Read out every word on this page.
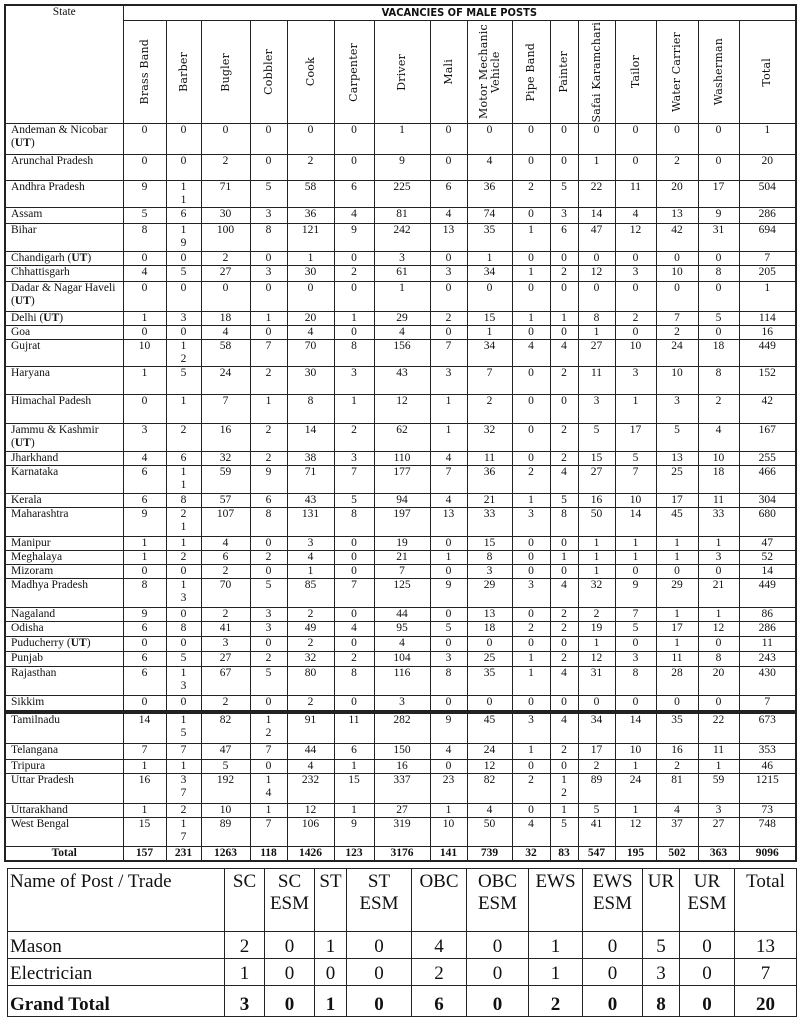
State	VACANCIES OF MALE POSTS															

	Brass Band	Barber	Bugler	Cobbler	Cook	Carpenter	Driver	Mali	Motor Mechanic Vehicle	Pipe Band	Painter	Safai Karamchari	Tailor	Water Carrier	Washerman	Total

Andeman & Nicobar (UT)	0	0	0	0	0	0	1	0	0	0	0	0	0	0	0	1
Arunchal Pradesh	0	0	2	0	2	0	9	0	4	0	0	1	0	2	0	20
Andhra Pradesh	9	11	71	5	58	6	225	6	36	2	5	22	11	20	17	504
Assam	5	6	30	3	36	4	81	4	74	0	3	14	4	13	9	286
Bihar	8	19	100	8	121	9	242	13	35	1	6	47	12	42	31	694
Chandigarh (UT)	0	0	2	0	1	0	3	0	1	0	0	0	0	0	0	7
Chhattisgarh	4	5	27	3	30	2	61	3	34	1	2	12	3	10	8	205
Dadar & Nagar Haveli (UT)	0	0	0	0	0	0	1	0	0	0	0	0	0	0	0	1
Delhi (UT)	1	3	18	1	20	1	29	2	15	1	1	8	2	7	5	114
Goa	0	0	4	0	4	0	4	0	1	0	0	1	0	2	0	16
Gujrat	10	12	58	7	70	8	156	7	34	4	4	27	10	24	18	449
Haryana	1	5	24	2	30	3	43	3	7	0	2	11	3	10	8	152
Himachal Padesh	0	1	7	1	8	1	12	1	2	0	0	3	1	3	2	42
Jammu & Kashmir (UT)	3	2	16	2	14	2	62	1	32	0	2	5	17	5	4	167
Jharkhand	4	6	32	2	38	3	110	4	11	0	2	15	5	13	10	255
Karnataka	6	11	59	9	71	7	177	7	36	2	4	27	7	25	18	466
Kerala	6	8	57	6	43	5	94	4	21	1	5	16	10	17	11	304
Maharashtra	9	21	107	8	131	8	197	13	33	3	8	50	14	45	33	680
Manipur	1	1	4	0	3	0	19	0	15	0	0	1	1	1	1	47
Meghalaya	1	2	6	2	4	0	21	1	8	0	1	1	1	1	3	52
Mizoram	0	0	2	0	1	0	7	0	3	0	0	1	0	0	0	14
Madhya Pradesh	8	13	70	5	85	7	125	9	29	3	4	32	9	29	21	449
Nagaland	9	0	2	3	2	0	44	0	13	0	2	2	7	1	1	86
Odisha	6	8	41	3	49	4	95	5	18	2	2	19	5	17	12	286
Puducherry (UT)	0	0	3	0	2	0	4	0	0	0	0	1	0	1	0	11
Punjab	6	5	27	2	32	2	104	3	25	1	2	12	3	11	8	243
Rajasthan	6	13	67	5	80	8	116	8	35	1	4	31	8	28	20	430
Sikkim	0	0	2	0	2	0	3	0	0	0	0	0	0	0	0	7
Tamilnadu	14	15	82	12	91	11	282	9	45	3	4	34	14	35	22	673
Telangana	7	7	47	7	44	6	150	4	24	1	2	17	10	16	11	353
Tripura	1	1	5	0	4	1	16	0	12	0	0	2	1	2	1	46
Uttar Pradesh	16	37	192	14	232	15	337	23	82	2	12	89	24	81	59	1215
Uttarakhand	1	2	10	1	12	1	27	1	4	0	1	5	1	4	3	73
West Bengal	15	17	89	7	106	9	319	10	50	4	5	41	12	37	27	748
Total	157	231	1263	118	1426	123	3176	141	739	32	83	547	195	502	363	9096
Name of Post / Trade	SC	SC ESM	ST	ST ESM	OBC	OBC ESM	EWS	EWS ESM	UR	UR ESM	Total
Mason	2	0	1	0	4	0	1	0	5	0	13
Electrician	1	0	0	0	2	0	1	0	3	0	7
Grand Total	3	0	1	0	6	0	2	0	8	0	20
